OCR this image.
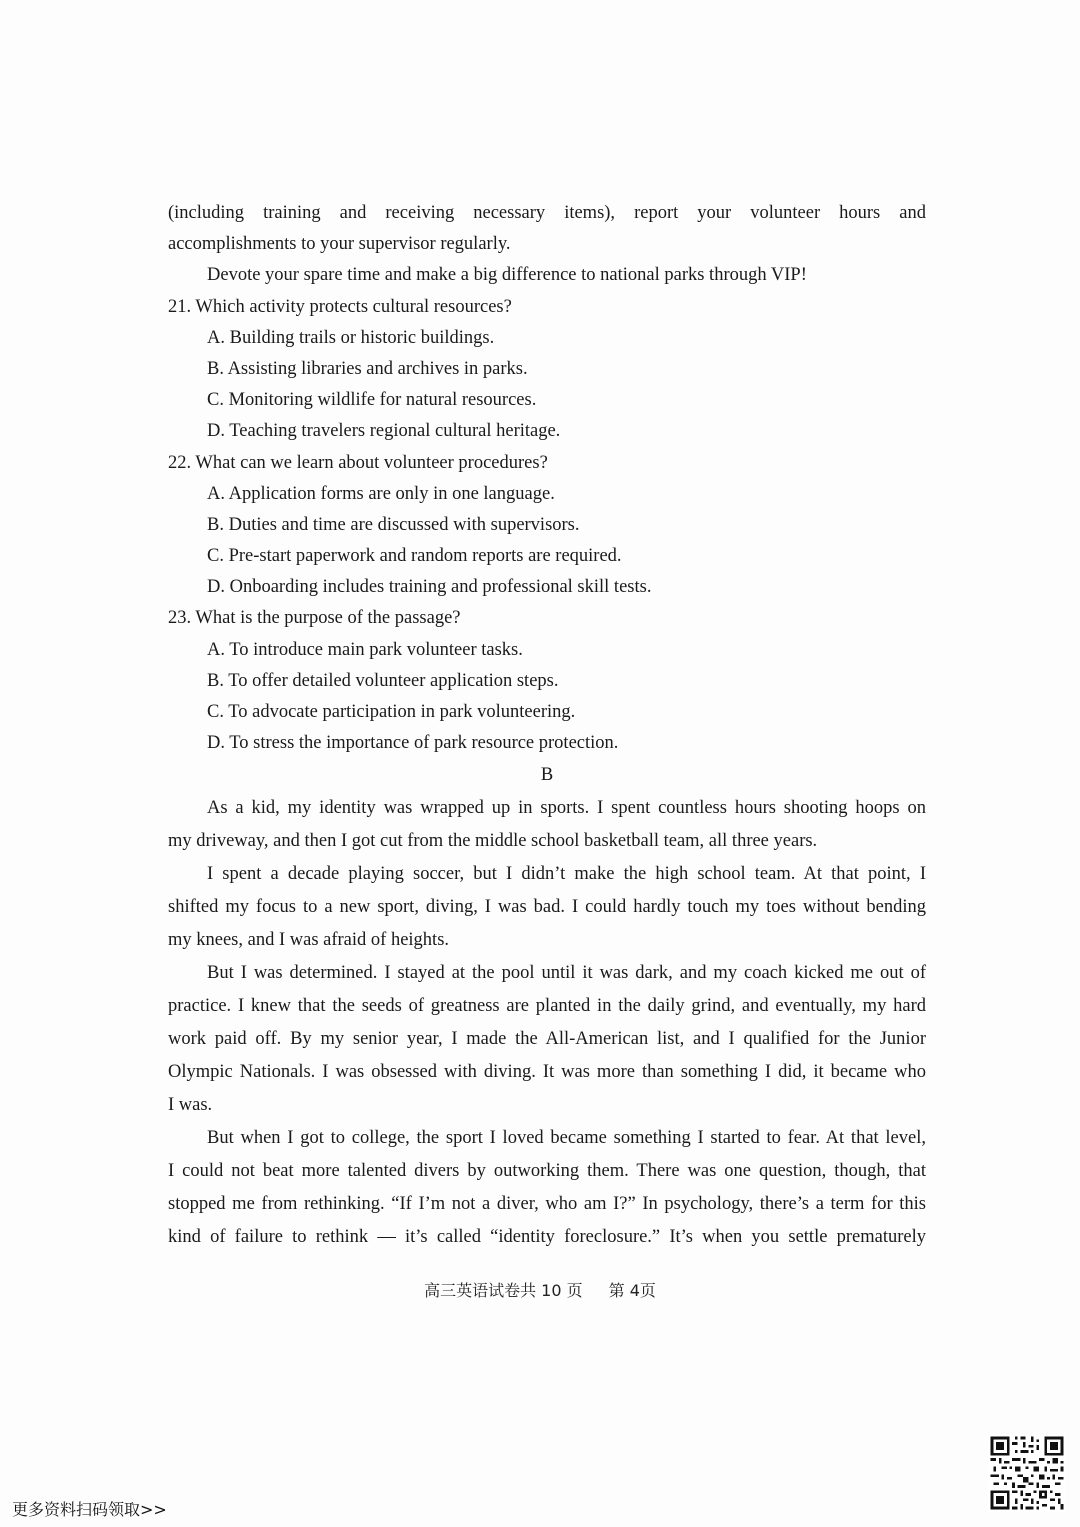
(including training and receiving necessary items), report your volunteer hours and
accomplishments to your supervisor regularly.
Devote your spare time and make a big difference to national parks through VIP!
21. Which activity protects cultural resources?
A. Building trails or historic buildings.
B. Assisting libraries and archives in parks.
C. Monitoring wildlife for natural resources.
D. Teaching travelers regional cultural heritage.
22. What can we learn about volunteer procedures?
A. Application forms are only in one language.
B. Duties and time are discussed with supervisors.
C. Pre-start paperwork and random reports are required.
D. Onboarding includes training and professional skill tests.
23. What is the purpose of the passage?
A. To introduce main park volunteer tasks.
B. To offer detailed volunteer application steps.
C. To advocate participation in park volunteering.
D. To stress the importance of park resource protection.
B
As a kid, my identity was wrapped up in sports. I spent countless hours shooting hoops on
my driveway, and then I got cut from the middle school basketball team, all three years.
I spent a decade playing soccer, but I didn’t make the high school team. At that point, I
shifted my focus to a new sport, diving, I was bad. I could hardly touch my toes without bending
my knees, and I was afraid of heights.
But I was determined. I stayed at the pool until it was dark, and my coach kicked me out of
practice. I knew that the seeds of greatness are planted in the daily grind, and eventually, my hard
work paid off. By my senior year, I made the All-American list, and I qualified for the Junior
Olympic Nationals. I was obsessed with diving. It was more than something I did, it became who
I was.
But when I got to college, the sport I loved became something I started to fear. At that level,
I could not beat more talented divers by outworking them. There was one question, though, that
stopped me from rethinking. “If I’m not a diver, who am I?” In psychology, there’s a term for this
kind of failure to rethink — it’s called “identity foreclosure.” It’s when you settle prematurely
高三英语试卷共 10 页 第 4页
更多资料扫码领取>>
